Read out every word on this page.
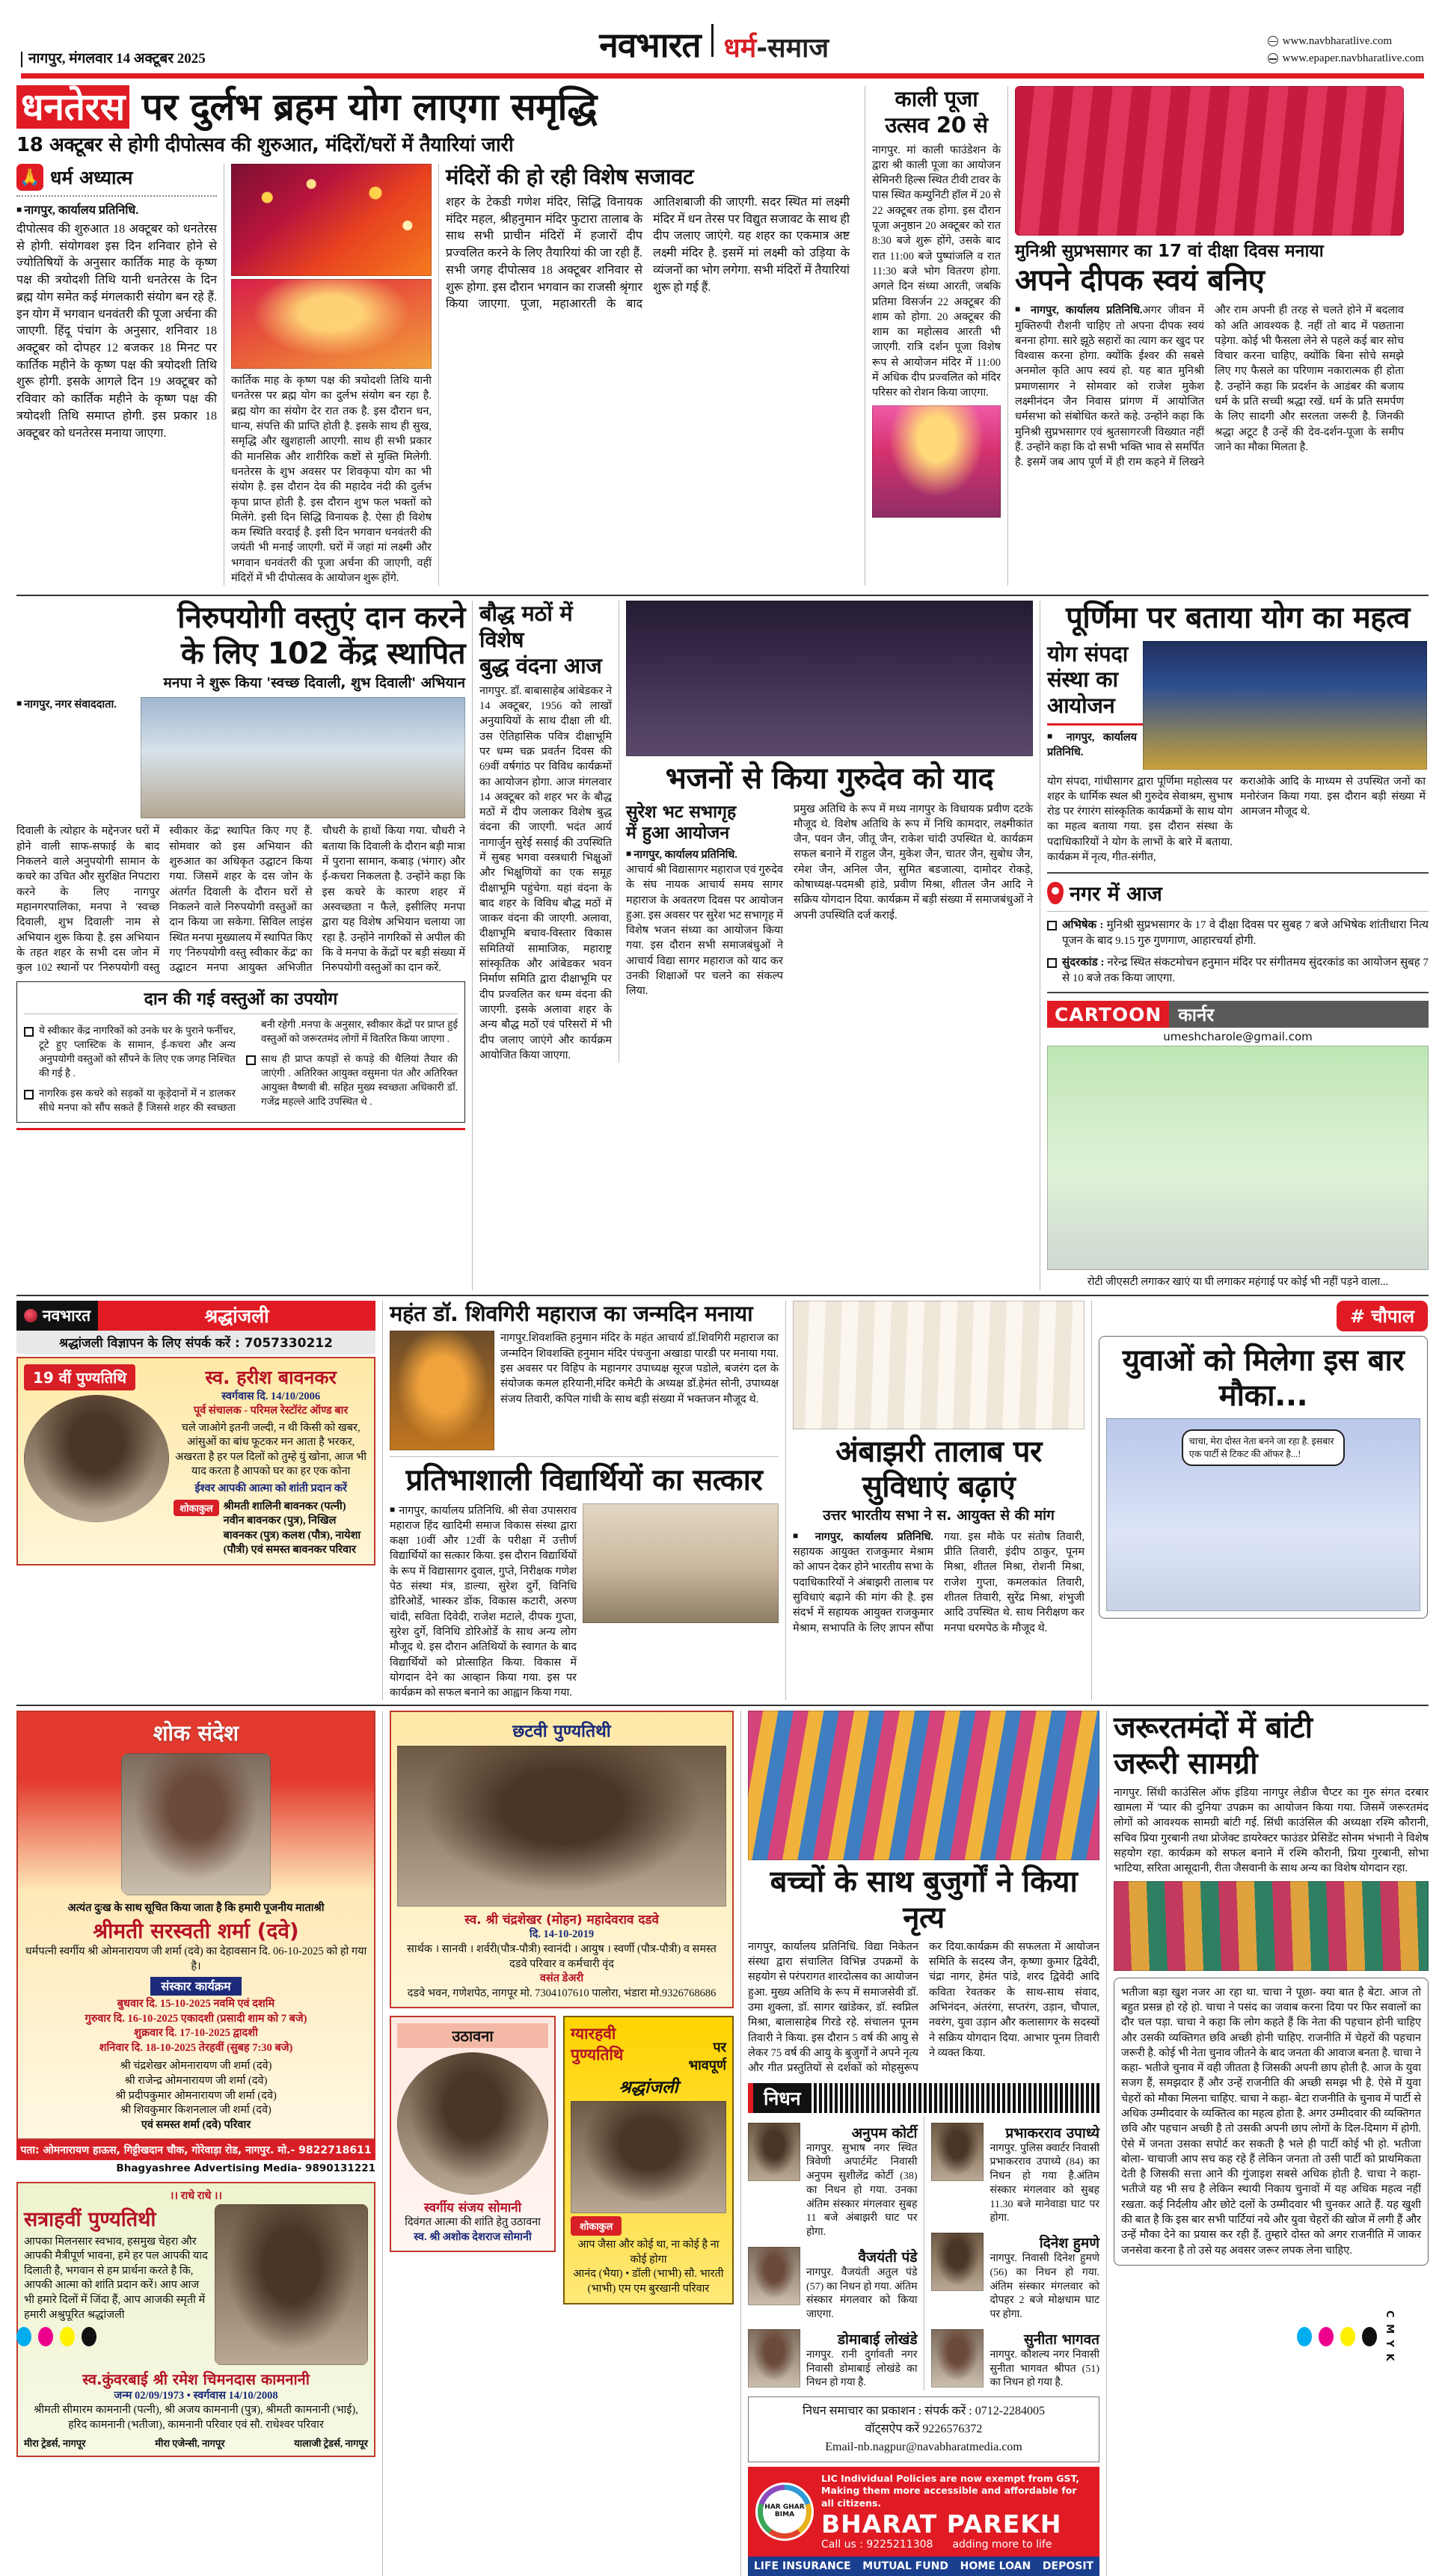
नागपुर, मंगलवार 14 अक्टूबर 2025	नवभारत धर्म-समाज	www.navbharatlive.com
www.epaper.navbharatlive.com
धनतेरस पर दुर्लभ ब्रहम योग लाएगा समृद्धि
18 अक्टूबर से होगी दीपोत्सव की शुरुआत, मंदिरों/घरों में तैयारियां जारी
🙏 धर्म अध्यात्म
■ नागपुर, कार्यालय प्रतिनिधि.
दीपोत्सव की शुरुआत 18 अक्टूबर को धनतेरस से होगी. संयोगवश इस दिन शनिवार होने से ज्योतिषियों के अनुसार कार्तिक माह के कृष्ण पक्ष की त्रयोदशी तिथि यानी धनतेरस के दिन ब्रह्म योग समेत कई मंगलकारी संयोग बन रहे हैं. इन योग में भगवान धनवंतरी की पूजा अर्चना की जाएगी. हिंदू पंचांग के अनुसार, शनिवार 18 अक्टूबर को दोपहर 12 बजकर 18 मिनट पर कार्तिक महीने के कृष्ण पक्ष की त्रयोदशी तिथि शुरू होगी. इसके आगले दिन 19 अक्टूबर को रविवार को कार्तिक महीने के कृष्ण पक्ष की त्रयोदशी तिथि समाप्त होगी. इस प्रकार 18 अक्टूबर को धनतेरस मनाया जाएगा.
कार्तिक माह के कृष्ण पक्ष की त्रयोदशी तिथि यानी धनतेरस पर ब्रह्म योग का दुर्लभ संयोग बन रहा है. ब्रह्म योग का संयोग देर रात तक है. इस दौरान धन, धान्य, संपत्ति की प्राप्ति होती है. इसके साथ ही सुख, समृद्धि और खुशहाली आएगी. साथ ही सभी प्रकार की मानसिक और शारीरिक कष्टों से मुक्ति मिलेगी. धनतेरस के शुभ अवसर पर शिवकृपा योग का भी संयोग है. इस दौरान देव की महादेव नंदी की दुर्लभ कृपा प्राप्त होती है. इस दौरान शुभ फल भक्तों को मिलेंगे. इसी दिन सिद्धि विनायक है. ऐसा ही विशेष कम स्थिति वरदाई है. इसी दिन भगवान धनवंतरी की जयंती भी मनाई जाएगी. घरों में जहां मां लक्ष्मी और भगवान धनवंतरी की पूजा अर्चना की जाएगी, वहीं मंदिरों में भी दीपोत्सव के आयोजन शुरू होंगे.
मंदिरों की हो रही विशेष सजावट
शहर के टेकडी गणेश मंदिर, सिद्धि विनायक मंदिर महल, श्रीहनुमान मंदिर फुटारा तालाब के साथ सभी प्राचीन मंदिरों में हजारों दीप प्रज्वलित करने के लिए तैयारियां की जा रही हैं. सभी जगह दीपोत्सव 18 अक्टूबर शनिवार से शुरू होगा. इस दौरान भगवान का राजसी श्रृंगार किया जाएगा. पूजा, महाआरती के बाद आतिशबाजी की जाएगी. सदर स्थित मां लक्ष्मी मंदिर में धन तेरस पर विद्युत सजावट के साथ ही दीप जलाए जाएंगे. यह शहर का एकमात्र अष्ट लक्ष्मी मंदिर है. इसमें मां लक्ष्मी को उड़िया के व्यंजनों का भोग लगेगा. सभी मंदिरों में तैयारियां शुरू हो गई हैं.
काली पूजा उत्सव 20 से
नागपुर. मां काली फाउंडेशन के द्वारा श्री काली पूजा का आयोजन सेमिनरी हिल्स स्थित टीवी टावर के पास स्थित कम्युनिटी हॉल में 20 से 22 अक्टूबर तक होगा. इस दौरान पूजा अनुष्ठान 20 अक्टूबर को रात 8:30 बजे शुरू होंगे, उसके बाद रात 11:00 बजे पुष्पांजलि व रात 11:30 बजे भोग वितरण होगा. अगले दिन संध्या आरती, जबकि प्रतिमा विसर्जन 22 अक्टूबर की शाम को होगा. 20 अक्टूबर की शाम का महोत्सव आरती भी जाएगी. रात्रि दर्शन पूजा विशेष रूप से आयोजन मंदिर में 11:00 में अधिक दीप प्रज्वलित को मंदिर परिसर को रोशन किया जाएगा.
मुनिश्री सुप्रभसागर का 17 वां दीक्षा दिवस मनाया
अपने दीपक स्वयं बनिए
■ नागपुर, कार्यालय प्रतिनिधि.अगर जीवन में मुक्तिरुपी रौशनी चाहिए तो अपना दीपक स्वयं बनना होगा. सारे झूठे सहारों का त्याग कर खुद पर विश्वास करना होगा. क्योंकि ईश्वर की सबसे अनमोल कृति आप स्वयं हो. यह बात मुनिश्री प्रमाणसागर ने सोमवार को राजेश मुकेश लक्ष्मीनंदन जैन निवास प्रांगण में आयोजित धर्मसभा को संबोधित करते कहे. उन्होंने कहा कि मुनिश्री सुप्रभसागर एवं श्रुतसागरजी विख्यात नहीं हैं. उन्होंने कहा कि दो सभी भक्ति भाव से समर्पित है. इसमें जब आप पूर्ण में ही राम कहने में लिखने और राम अपनी ही तरह से चलते होने में बदलाव को अति आवश्यक है. नहीं तो बाद में पछताना पड़ेगा. कोई भी फैसला लेने से पहले कई बार सोच विचार करना चाहिए, क्योंकि बिना सोचे समझे लिए गए फैसले का परिणाम नकारात्मक ही होता है. उन्होंने कहा कि प्रदर्शन के आडंबर की बजाय धर्म के प्रति सच्ची श्रद्धा रखें. धर्म के प्रति समर्पण के लिए सादगी और सरलता जरूरी है. जिनकी श्रद्धा अटूट है उन्हें की देव-दर्शन-पूजा के समीप जाने का मौका मिलता है.
निरुपयोगी वस्तुएं दान करने
के लिए 102 केंद्र स्थापित
मनपा ने शुरू किया 'स्वच्छ दिवाली, शुभ दिवाली' अभियान
■ नागपुर, नगर संवाददाता.
दिवाली के त्योहार के मद्देनजर घरों में होने वाली साफ-सफाई के बाद निकलने वाले अनुपयोगी सामान के कचरे का उचित और सुरक्षित निपटारा करने के लिए नागपुर महानगरपालिका, मनपा ने 'स्वच्छ दिवाली, शुभ दिवाली' नाम से अभियान शुरू किया है. इस अभियान के तहत शहर के सभी दस जोन में कुल 102 स्थानों पर 'निरुपयोगी वस्तु स्वीकार केंद्र' स्थापित किए गए हैं. सोमवार को इस अभियान की शुरुआत का अधिकृत उद्घाटन किया गया. जिसमें शहर के दस जोन के अंतर्गत दिवाली के दौरान घरों से निकलने वाले निरुपयोगी वस्तुओं का दान किया जा सकेगा. सिविल लाइंस स्थित मनपा मुख्यालय में स्थापित किए गए 'निरुपयोगी वस्तु स्वीकार केंद्र' का उद्घाटन मनपा आयुक्त अभिजीत चौधरी के हाथों किया गया. चौधरी ने बताया कि दिवाली के दौरान बड़ी मात्रा में पुराना सामान, कबाड़ (भंगार) और ई-कचरा निकलता है. उन्होंने कहा कि इस कचरे के कारण शहर में अस्वच्छता न फैले, इसीलिए मनपा द्वारा यह विशेष अभियान चलाया जा रहा है. उन्होंने नागरिकों से अपील की कि वे मनपा के केंद्रों पर बड़ी संख्या में निरुपयोगी वस्तुओं का दान करें.
दान की गई वस्तुओं का उपयोग
ये स्वीकार केंद्र नागरिकों को उनके घर के पुराने फर्नीचर, टूटे हुए प्लास्टिक के सामान, ई-कचरा और अन्य अनुपयोगी वस्तुओं को सौंपने के लिए एक जगह निश्चित की गई है .
नागरिक इस कचरे को सड़कों या कूड़ेदानों में न डालकर सीधे मनपा को सौंप सकते हैं जिससे शहर की स्वच्छता बनी रहेगी .मनपा के अनुसार, स्वीकार केंद्रों पर प्राप्त हुई वस्तुओं को जरूरतमंद लोगों में वितरित किया जाएगा .
साथ ही प्राप्त कपड़ों से कपड़े की थैलियां तैयार की जाएंगी . अतिरिक्त आयुक्त वसुमना पंत और अतिरिक्त आयुक्त वैष्णवी बी. सहित मुख्य स्वच्छता अधिकारी डॉ. गजेंद्र महल्ले आदि उपस्थित थे .
बौद्ध मठों में विशेष
बुद्ध वंदना आज
नागपुर. डॉ. बाबासाहेब आंबेडकर ने 14 अक्टूबर, 1956 को लाखों अनुयायियों के साथ दीक्षा ली थी. उस ऐतिहासिक पवित्र दीक्षाभूमि पर धम्म चक्र प्रवर्तन दिवस की 69वीं वर्षगांठ पर विविध कार्यक्रमों का आयोजन होगा. आज मंगलवार 14 अक्टूबर को शहर भर के बौद्ध मठों में दीप जलाकर विशेष बुद्ध वंदना की जाएगी. भदंत आर्य नागार्जुन सुरेई ससाई की उपस्थिति में सुबह भगवा वस्त्रधारी भिक्षुओं और भिक्षुणियों का एक समूह दीक्षाभूमि पहुंचेगा. यहां वंदना के बाद शहर के विविध बौद्ध मठों में जाकर वंदना की जाएगी. अलावा, दीक्षाभूमि बचाव-विस्तार विकास समितियों सामाजिक, महाराष्ट्र सांस्कृतिक और आंबेडकर भवन निर्माण समिति द्वारा दीक्षाभूमि पर दीप प्रज्वलित कर धम्म वंदना की जाएगी. इसके अलावा शहर के अन्य बौद्ध मठों एवं परिसरों में भी दीप जलाए जाएंगे और कार्यक्रम आयोजित किया जाएगा.
भजनों से किया गुरुदेव को याद
सुरेश भट सभागृह
में हुआ आयोजन
■ नागपुर, कार्यालय प्रतिनिधि.
आचार्य श्री विद्यासागर महाराज एवं गुरुदेव के संघ नायक आचार्य समय सागर महाराज के अवतरण दिवस पर आयोजन हुआ. इस अवसर पर सुरेश भट सभागृह में विशेष भजन संध्या का आयोजन किया गया. इस दौरान सभी समाजबंधुओं ने आचार्य विद्या सागर महाराज को याद कर उनकी शिक्षाओं पर चलने का संकल्प लिया.
प्रमुख अतिथि के रूप में मध्य नागपुर के विधायक प्रवीण दटके मौजूद थे. विशेष अतिथि के रूप में निधि कामदार, लक्ष्मीकांत जैन, पवन जैन, जीतू जैन, राकेश चांदी उपस्थित थे. कार्यक्रम सफल बनाने में राहुल जैन, मुकेश जैन, चातर जैन, सुबोध जैन, रमेश जैन, अनिल जैन, सुमित बडजात्या, दामोदर रोकड़े, कोषाध्यक्ष-पदमश्री हांडे, प्रवीण मिश्रा, शीतल जैन आदि ने सक्रिय योगदान दिया. कार्यक्रम में बड़ी संख्या में समाजबंधुओं ने अपनी उपस्थिति दर्ज कराई.
पूर्णिमा पर बताया योग का महत्व
योग संपदा संस्था का आयोजन
■ नागपुर, कार्यालय प्रतिनिधि.
योग संपदा, गांधीसागर द्वारा पूर्णिमा महोत्सव पर शहर के धार्मिक स्थल श्री गुरुदेव सेवाश्रम, सुभाष रोड पर रंगारंग सांस्कृतिक कार्यक्रमों के साथ योग का महत्व बताया गया. इस दौरान संस्था के पदाधिकारियों ने योग के लाभों के बारे में बताया. कार्यक्रम में नृत्य, गीत-संगीत,
कराओके आदि के माध्यम से उपस्थित जनों का मनोरंजन किया गया. इस दौरान बड़ी संख्या में आमजन मौजूद थे.
नगर में आज
अभिषेक : मुनिश्री सुप्रभसागर के 17 वे दीक्षा दिवस पर सुबह 7 बजे अभिषेक शांतीधारा नित्य पूजन के बाद 9.15 गुरु गुणगाण, आहारचर्या होगी.
सुंदरकांड : नरेन्द्र स्थित संकटमोचन हनुमान मंदिर पर संगीतमय सुंदरकांड का आयोजन सुबह 7 से 10 बजे तक किया जाएगा.
CARTOON कार्नर
umeshcharole@gmail.com
रोटी जीएसटी लगाकर खाएं या घी लगाकर महंगाई पर कोई भी नहीं पड़ने वाला...
नवभारत	श्रद्धांजली
श्रद्धांजली विज्ञापन के लिए संपर्क करें : 7057330212
19 वीं पुण्यतिथि	स्व. हरीश बावनकर
स्वर्गवास दि. 14/10/2006
पूर्व संचालक - परिमल रेस्टॉरंट ऑण्ड बार
चले जाओगे इतनी जल्दी, न थी किसी को खबर, आंसुओं का बांध फूटकर मन आता है भरकर, अखरता है हर पल दिलों को तुम्हे युं खोना, आज भी याद करता है आपको घर का हर एक कोना
ईश्वर आपकी आत्मा को शांती प्रदान करें
शोकाकुल श्रीमती शालिनी बावनकर (पत्नी) नवीन बावनकर (पुत्र), निखिल बावनकर (पुत्र) कलश (पौत्र), नायेशा (पौत्री) एवं समस्त बावनकर परिवार
महंत डॉ. शिवगिरी महाराज का जन्मदिन मनाया
नागपुर.शिवशक्ति हनुमान मंदिर के महंत आचार्य डॉ.शिवगिरी महाराज का जन्मदिन शिवशक्ति हनुमान मंदिर पंचजुना अखाडा पारडी पर मनाया गया. इस अवसर पर विहिप के महानगर उपाध्यक्ष सूरज पडोले, बजरंग दल के संयोजक कमल हरियानी,मंदिर कमेटी के अध्यक्ष डॉ.हेमंत सोनी, उपाध्यक्ष संजय तिवारी, कपिल गांधी के साथ बड़ी संख्या में भक्तजन मौजूद थे.
प्रतिभाशाली विद्यार्थियों का सत्कार
■ नागपुर, कार्यालय प्रतिनिधि. श्री सेवा उपासराव महाराज हिंद खादिमी समाज विकास संस्था द्वारा कक्षा 10वीं और 12वीं के परीक्षा में उत्तीर्ण विद्यार्थियों का सत्कार किया. इस दौरान विद्यार्थियों के रूप में विद्यासागर दुवाल, गुप्ते, निरीक्षक गणेश पेठ संस्था मंत्र, डाल्या, सुरेश दुर्गे, विनिधि डोरिओर्डे, भास्कर डोंक, विकास कटारी, अरुण चांदी, सविता दिवेदी, राजेश मटाले, दीपक गुप्ता, सुरेश दुर्गे, विनिधि डोरिओर्डे के साथ अन्य लोग मौजूद थे. इस दौरान अतिथियों के स्वागत के बाद विद्यार्थियों को प्रोत्साहित किया. विकास में योगदान देने का आव्हान किया गया. इस पर कार्यक्रम को सफल बनाने का आह्वान किया गया.
अंबाझरी तालाब पर सुविधाएं बढ़ाएं
उत्तर भारतीय सभा ने स. आयुक्त से की मांग
■ नागपुर, कार्यालय प्रतिनिधि. सहायक आयुक्त राजकुमार मेश्राम को आपन देकर होने भारतीय सभा के पदाधिकारियों ने अंबाझरी तालाब पर सुविधाएं बढ़ाने की मांग की है. इस संदर्भ में सहायक आयुक्त राजकुमार मेश्राम, सभापति के लिए ज्ञापन सौंपा गया. इस मौके पर संतोष तिवारी, प्रीति तिवारी, इंदीप ठाकुर, पूनम मिश्रा, शीतल मिश्रा, रोशनी मिश्रा, राजेश गुप्ता, कमलकांत तिवारी, शीतल तिवारी, सुरेंद्र मिश्रा, शंभुजी आदि उपस्थित थे. साथ निरीक्षण कर मनपा धरमपेठ के मौजूद थे.
# चौपाल
युवाओं को मिलेगा इस बार मौका...
चाचा, मेरा दोस्त नेता बनने जा रहा है. इसबार एक पार्टी से टिकट की ऑफर है...!
शोक संदेश
अत्यंत दुःख के साथ सूचित किया जाता है कि हमारी पूजनीय माताश्री
श्रीमती सरस्वती शर्मा (दवे)
धर्मपत्नी स्वर्गीय श्री ओमनारायण जी शर्मा (दवे) का देहावसान दि. 06-10-2025 को हो गया है।
संस्कार कार्यक्रम
बुधवार दि. 15-10-2025 नवमि एवं दशमि
गुरुवार दि. 16-10-2025 एकादशी (प्रसादी शाम को 7 बजे)
शुक्रवार दि. 17-10-2025 द्वादशी
शनिवार दि. 18-10-2025 तेरहवीं (सुबह 7:30 बजे)
श्री चंद्रशेखर ओमनारायण जी शर्मा (दवे)
श्री राजेन्द्र ओमनारायण जी शर्मा (दवे)
श्री प्रदीपकुमार ओमनारायण जी शर्मा (दवे)
श्री शिवकुमार किशनलाल जी शर्मा (दवे)
एवं समस्त शर्मा (दवे) परिवार
पता: ओमनारायण हाऊस, गिट्टीखदान चौक, गोरेवाड़ा रोड, नागपुर. मो.- 9822718611
Bhagyashree Advertising Media- 9890131221
।। राधे राधे ।।
सत्राहवीं पुण्यतिथी
आपका मिलनसार स्वभाव, हसमुख चेहरा और आपकी मैत्रीपूर्ण भावना, हमे हर पल आपकी याद दिलाती है, भगवान से हम प्रार्थना करते है कि, आपकी आत्मा को शांति प्रदान करें। आप आज भी हमारे दिलों में जिंदा हैं, आप आजकी स्मृती में हमारी अश्रुपूरित श्रद्धांजली
स्व.कुंवरबाई श्री रमेश चिमनदास कामनानी
जन्म 02/09/1973 • स्वर्गवास 14/10/2008
श्रीमती सीमारम कामनानी (पत्नी), श्री अजय कामनानी (पुत्र), श्रीमती कामनानी (भाई), हरिद कामनानी (भतीजा), कामनानी परिवार एवं सौ. राधेश्वर परिवार
मीरा ट्रेडर्स, नागपूर	मीरा एजेन्सी, नागपूर	यालाजी ट्रेडर्स, नागपूर
छटवी पुण्यतिथी
स्व. श्री चंद्रशेखर (मोहन) महादेवराव दडवे
दि. 14-10-2019
सार्थक । सानवी । शर्वरी(पौत्र-पौत्री) स्वानंदी । आयुष । स्वर्णी (पौत्र-पौत्री) व समस्त दडवे परिवार व कर्मचारी वृंद
वसंत डेअरी
दडवे भवन, गणेशपेठ, नागपूर मो. 7304107610 पालोरा, भंडारा मो.9326768686
उठावना
स्वर्गीय संजय सोमानी
दिवंगत आत्मा की शांति हेतु उठावना
स्व. श्री अशोक देशराज सोमानी
ग्यारहवी
पुण्यतिथि	पर
भावपूर्ण
श्रद्धांजली
शोकाकुल
आप जैसा और कोई था, ना कोई है ना कोई होगा
आनंद (भैया) • डॉली (भाभी) सौ. भारती (भाभी) एम एम बुरखानी परिवार
बच्चों के साथ बुजुर्गों ने किया नृत्य
नागपुर, कार्यालय प्रतिनिधि. विद्या निकेतन संस्था द्वारा संचालित विभिन्न उपक्रमों के सहयोग से परंपरागत शारदोत्सव का आयोजन हुआ. मुख्य अतिथि के रूप में समाजसेवी डॉ. उमा शुक्ला, डॉ. सागर खांडेकर, डॉ. स्वप्निल मिश्रा, बालासाहेब गिरडे रहे. संचालन पूनम तिवारी ने किया. इस दौरान 5 वर्ष की आयु से लेकर 75 वर्ष की आयु के बुजुर्गों ने अपने नृत्य और गीत प्रस्तुतियों से दर्शकों को मोहसुरूप कर दिया.कार्यक्रम की सफलता में आयोजन समिति के सदस्य जैन, कृष्णा कुमार द्विवेदी, चंद्रा नागर, हेमंत पांडे, शरद द्विवेदी आदि कविता रेवतकर के साथ-साथ संवाद, अभिनंदन, अंतरंगा, सप्तरंग, उड़ान, चौपाल, नवरंग, युवा उड़ान और कलासागर के सदस्यों ने सक्रिय योगदान दिया. आभार पूनम तिवारी ने व्यक्त किया.
निधन
अनुपम कोर्टी
नागपुर. सुभाष नगर स्थित त्रिवेणी अपार्टमेंट निवासी अनुपम सुशीलेंद्र कोर्टी (38) का निधन हो गया. उनका अंतिम संस्कार मंगलवार सुबह 11 बजे अंबाझरी घाट पर होगा.
वैजयंती पंडे
नागपुर. वैजयंती अतुल पंडे (57) का निधन हो गया. अंतिम संस्कार मंगलवार को किया जाएगा.
डोमाबाई लोखंडे
नागपुर. रानी दुर्गावती नगर निवासी डोमाबाई लोखंडे का निधन हो गया है.
प्रभाकरराव उपाध्ये
नागपुर. पुलिस क्वार्टर निवासी प्रभाकरराव उपाध्ये (84) का निधन हो गया है.अंतिम संस्कार मंगलवार को सुबह 11.30 बजे मानेवाडा घाट पर होगा.
दिनेश हुमणे
नागपुर. निवासी दिनेश हुमणे (56) का निधन हो गया. अंतिम संस्कार मंगलवार को दोपहर 2 बजे मोक्षधाम घाट पर होगा.
सुनीता भागवत
नागपुर. कौशल्य नगर निवासी सुनीता भागवत श्रीपत (51) का निधन हो गया है.
निधन समाचार का प्रकाशन : संपर्क करें : 0712-2284005
वॉट्सऐप करें 9226576372
Email-nb.nagpur@navabharatmedia.com
HAR GHAR BIMA
LIC Individual Policies are now exempt from GST, Making them more accessible and affordable for all citizens.
BHARAT PAREKH
Call us : 9225211308 adding more to life
LIFE INSURANCE MUTUAL FUND HOME LOAN DEPOSIT
जरूरतमंदों में बांटी
जरूरी सामग्री
नागपुर. सिंधी काउंसिल ऑफ इंडिया नागपुर लेडीज चैप्टर का गुरु संगत दरबार खामला में 'प्यार की दुनिया' उपक्रम का आयोजन किया गया. जिसमें जरूरतमंद लोगों को आवश्यक सामग्री बांटी गई. सिंधी काउंसिल की अध्यक्षा रश्मि कौरानी, सचिव प्रिया गुरबानी तथा प्रोजेक्ट डायरेक्टर फाउंडर प्रेसिडेंट सोनम भंभानी ने विशेष सहयोग रहा. कार्यक्रम को सफल बनाने में रश्मि कौरानी, प्रिया गुरबानी, सोभा भाटिया, सरिता आसूदानी, रीता जैसवानी के साथ अन्य का विशेष योगदान रहा.
भतीजा बड़ा खुश नजर आ रहा था. चाचा ने पूछा- क्या बात है बेटा. आज तो बहुत प्रसन्न हो रहे हो. चाचा ने पसंद का जवाब करना दिया पर फिर सवालों का दौर चल पड़ा. चाचा ने कहा कि लोग कहते हैं कि नेता की पहचान होनी चाहिए और उसकी व्यक्तिगत छवि अच्छी होनी चाहिए. राजनीति में चेहरों की पहचान जरूरी है. कोई भी नेता चुनाव जीतने के बाद जनता की आवाज बनता है. चाचा ने कहा- भतीजे चुनाव में वही जीतता है जिसकी अपनी छाप होती है. आज के युवा सजग हैं, समझदार हैं और उन्हें राजनीति की अच्छी समझ भी है. ऐसे में युवा चेहरों को मौका मिलना चाहिए. चाचा ने कहा- बेटा राजनीति के चुनाव में पार्टी से अधिक उम्मीदवार के व्यक्तित्व का महत्व होता है. अगर उम्मीदवार की व्यक्तिगत छवि और पहचान अच्छी है तो उसकी अपनी छाप लोगों के दिल-दिमाग में होगी. ऐसे में जनता उसका सपोर्ट कर सकती है भले ही पार्टी कोई भी हो. भतीजा बोला- चाचाजी आप सच कह रहे हैं लेकिन जनता तो उसी पार्टी को प्राथमिकता देती है जिसकी सत्ता आने की गुंजाइश सबसे अधिक होती है. चाचा ने कहा- भतीजे यह भी सच है लेकिन स्थायी निकाय चुनावों में यह अधिक महत्व नहीं रखता. कई निर्दलीय और छोटे दलों के उम्मीदवार भी चुनकर आते हैं. यह खुशी की बात है कि इस बार सभी पार्टियां नये और युवा चेहरों की खोज में लगी हैं और उन्हें मौका देने का प्रयास कर रही हैं. तुम्हारे दोस्त को अगर राजनीति में जाकर जनसेवा करना है तो उसे यह अवसर जरूर लपक लेना चाहिए.
C M Y K
